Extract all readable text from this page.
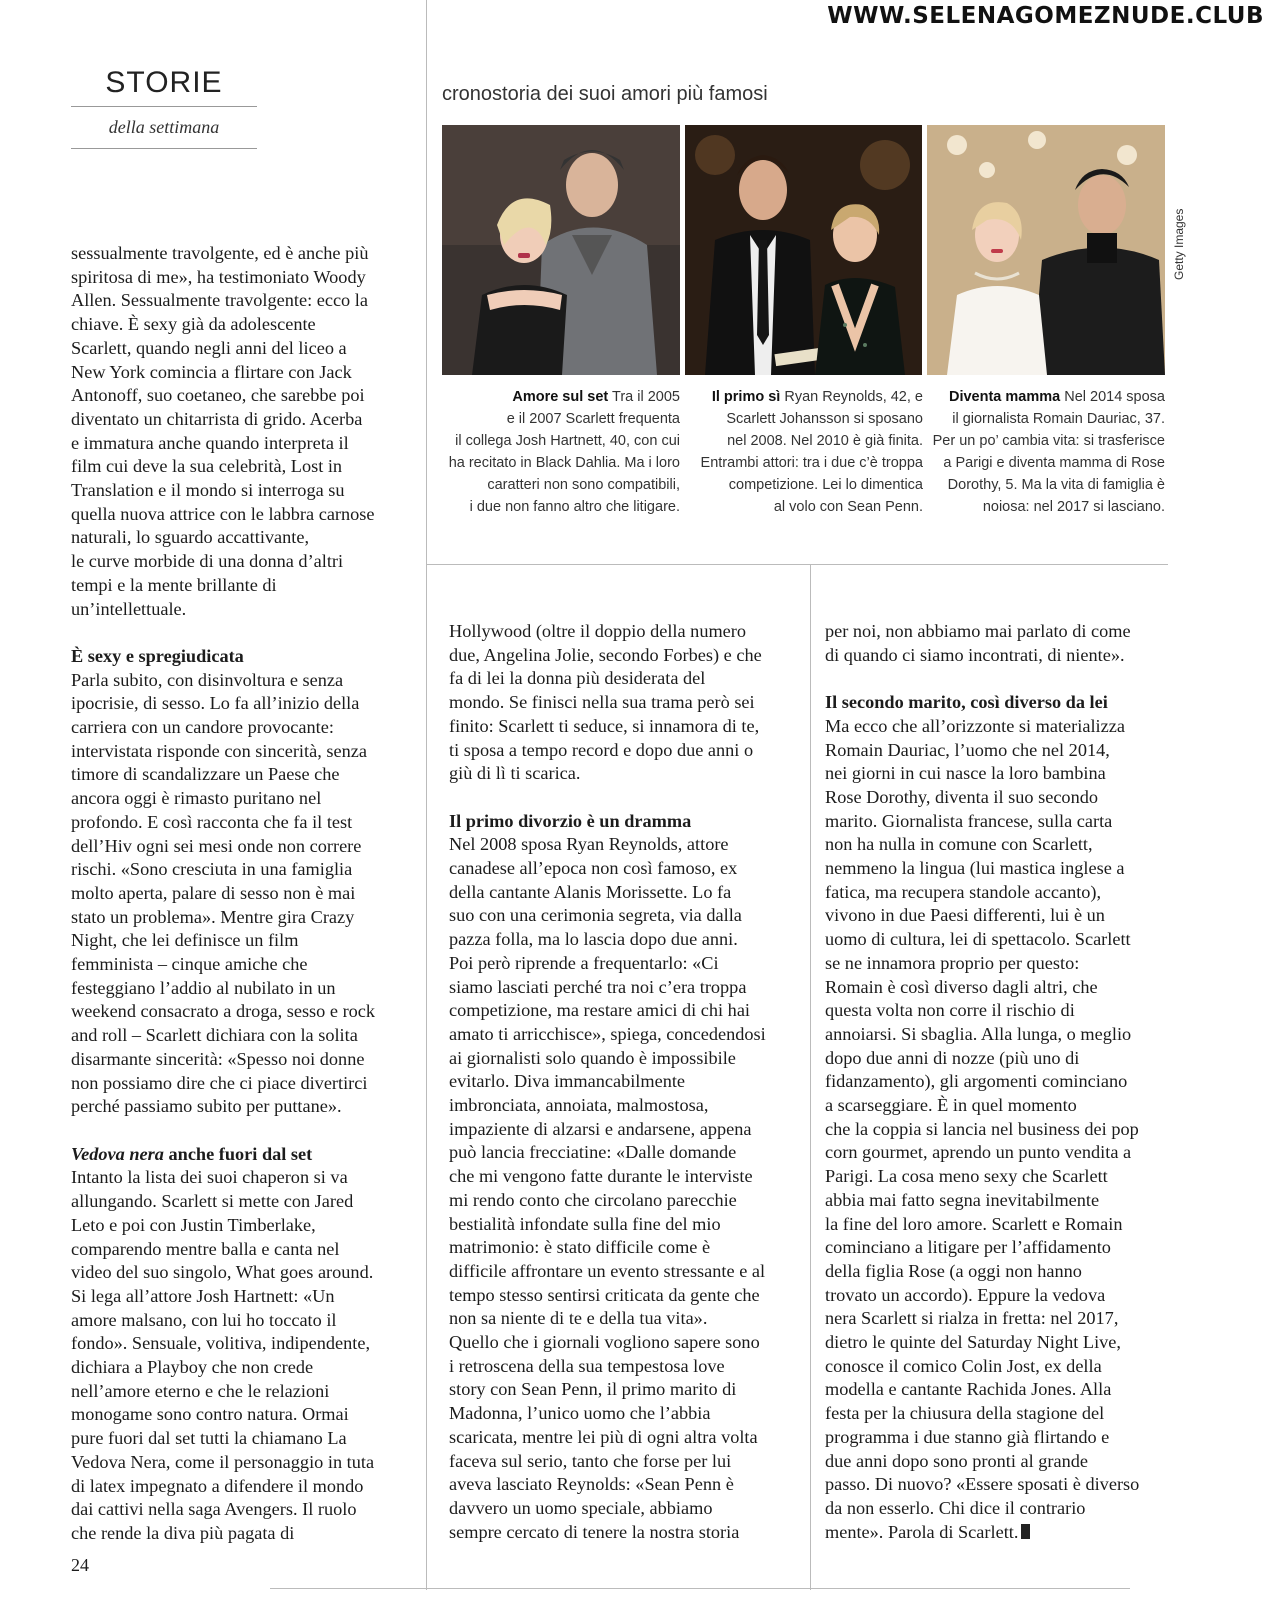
WWW.SELENAGOMEZNUDE.CLUB
STORIE
della settimana
cronostoria dei suoi amori più famosi
Getty Images
Amore sul set Tra il 2005
e il 2007 Scarlett frequenta
il collega Josh Hartnett, 40, con cui
ha recitato in Black Dahlia. Ma i loro
caratteri non sono compatibili,
i due non fanno altro che litigare.
Il primo sì Ryan Reynolds, 42, e
Scarlett Johansson si sposano
nel 2008. Nel 2010 è già finita.
Entrambi attori: tra i due c’è troppa
competizione. Lei lo dimentica
al volo con Sean Penn.
Diventa mamma Nel 2014 sposa
il giornalista Romain Dauriac, 37.
Per un po’ cambia vita: si trasferisce
a Parigi e diventa mamma di Rose
Dorothy, 5. Ma la vita di famiglia è
noiosa: nel 2017 si lasciano.

sessualmente travolgente, ed è anche più

spiritosa di me», ha testimoniato Woody

Allen. Sessualmente travolgente: ecco la

chiave. È sexy già da adolescente

Scarlett, quando negli anni del liceo a

New York comincia a flirtare con Jack

Antonoff, suo coetaneo, che sarebbe poi

diventato un chitarrista di grido. Acerba

e immatura anche quando interpreta il

film cui deve la sua celebrità, Lost in

Translation e il mondo si interroga su

quella nuova attrice con le labbra carnose

naturali, lo sguardo accattivante,

le curve morbide di una donna d’altri

tempi e la mente brillante di

un’intellettuale.

È sexy e spregiudicata

Parla subito, con disinvoltura e senza

ipocrisie, di sesso. Lo fa all’inizio della

carriera con un candore provocante:

intervistata risponde con sincerità, senza

timore di scandalizzare un Paese che

ancora oggi è rimasto puritano nel

profondo. E così racconta che fa il test

dell’Hiv ogni sei mesi onde non correre

rischi. «Sono cresciuta in una famiglia

molto aperta, palare di sesso non è mai

stato un problema». Mentre gira Crazy

Night, che lei definisce un film

femminista – cinque amiche che

festeggiano l’addio al nubilato in un

weekend consacrato a droga, sesso e rock

and roll – Scarlett dichiara con la solita

disarmante sincerità: «Spesso noi donne

non possiamo dire che ci piace divertirci

perché passiamo subito per puttane».

Vedova nera anche fuori dal set

Intanto la lista dei suoi chaperon si va

allungando. Scarlett si mette con Jared

Leto e poi con Justin Timberlake,

comparendo mentre balla e canta nel

video del suo singolo, What goes around.

Si lega all’attore Josh Hartnett: «Un

amore malsano, con lui ho toccato il

fondo». Sensuale, volitiva, indipendente,

dichiara a Playboy che non crede

nell’amore eterno e che le relazioni

monogame sono contro natura. Ormai

pure fuori dal set tutti la chiamano La

Vedova Nera, come il personaggio in tuta

di latex impegnato a difendere il mondo

dai cattivi nella saga Avengers. Il ruolo

che rende la diva più pagata di

Hollywood (oltre il doppio della numero

due, Angelina Jolie, secondo Forbes) e che

fa di lei la donna più desiderata del

mondo. Se finisci nella sua trama però sei

finito: Scarlett ti seduce, si innamora di te,

ti sposa a tempo record e dopo due anni o

giù di lì ti scarica.

Il primo divorzio è un dramma

Nel 2008 sposa Ryan Reynolds, attore

canadese all’epoca non così famoso, ex

della cantante Alanis Morissette. Lo fa

suo con una cerimonia segreta, via dalla

pazza folla, ma lo lascia dopo due anni.

Poi però riprende a frequentarlo: «Ci

siamo lasciati perché tra noi c’era troppa

competizione, ma restare amici di chi hai

amato ti arricchisce», spiega, concedendosi

ai giornalisti solo quando è impossibile

evitarlo. Diva immancabilmente

imbronciata, annoiata, malmostosa,

impaziente di alzarsi e andarsene, appena

può lancia frecciatine: «Dalle domande

che mi vengono fatte durante le interviste

mi rendo conto che circolano parecchie

bestialità infondate sulla fine del mio

matrimonio: è stato difficile come è

difficile affrontare un evento stressante e al

tempo stesso sentirsi criticata da gente che

non sa niente di te e della tua vita».

Quello che i giornali vogliono sapere sono

i retroscena della sua tempestosa love

story con Sean Penn, il primo marito di

Madonna, l’unico uomo che l’abbia

scaricata, mentre lei più di ogni altra volta

faceva sul serio, tanto che forse per lui

aveva lasciato Reynolds: «Sean Penn è

davvero un uomo speciale, abbiamo

sempre cercato di tenere la nostra storia

per noi, non abbiamo mai parlato di come

di quando ci siamo incontrati, di niente».

Il secondo marito, così diverso da lei

Ma ecco che all’orizzonte si materializza

Romain Dauriac, l’uomo che nel 2014,

nei giorni in cui nasce la loro bambina

Rose Dorothy, diventa il suo secondo

marito. Giornalista francese, sulla carta

non ha nulla in comune con Scarlett,

nemmeno la lingua (lui mastica inglese a

fatica, ma recupera standole accanto),

vivono in due Paesi differenti, lui è un

uomo di cultura, lei di spettacolo. Scarlett

se ne innamora proprio per questo:

Romain è così diverso dagli altri, che

questa volta non corre il rischio di

annoiarsi. Si sbaglia. Alla lunga, o meglio

dopo due anni di nozze (più uno di

fidanzamento), gli argomenti cominciano

a scarseggiare. È in quel momento

che la coppia si lancia nel business dei pop

corn gourmet, aprendo un punto vendita a

Parigi. La cosa meno sexy che Scarlett

abbia mai fatto segna inevitabilmente

la fine del loro amore. Scarlett e Romain

cominciano a litigare per l’affidamento

della figlia Rose (a oggi non hanno

trovato un accordo). Eppure la vedova

nera Scarlett si rialza in fretta: nel 2017,

dietro le quinte del Saturday Night Live,

conosce il comico Colin Jost, ex della

modella e cantante Rachida Jones. Alla

festa per la chiusura della stagione del

programma i due stanno già flirtando e

due anni dopo sono pronti al grande

passo. Di nuovo? «Essere sposati è diverso

da non esserlo. Chi dice il contrario

mente». Parola di Scarlett.

24
